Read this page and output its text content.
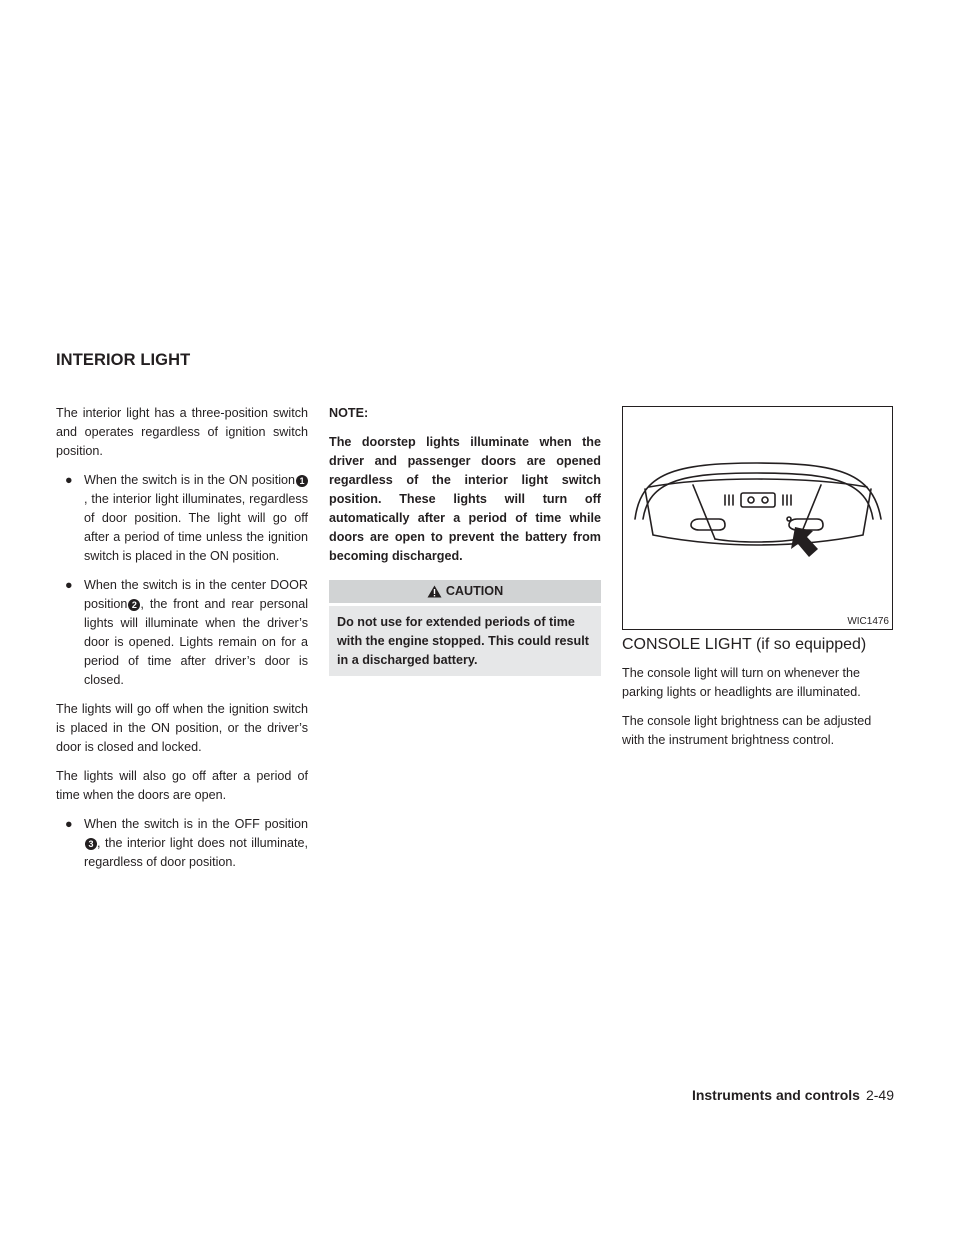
INTERIOR LIGHT

The interior light has a three-position switch and operates regardless of ignition switch position.

● When the switch is in the ON position 1, the interior light illuminates, regardless of door position. The light will go off after a period of time unless the ignition switch is placed in the ON position.

● When the switch is in the center DOOR position 2 , the front and rear personal lights will illuminate when the driver’s door is opened. Lights remain on for a period of time after driver’s door is closed.

The lights will go off when the ignition switch is placed in the ON position, or the driver’s door is closed and locked.

The lights will also go off after a period of time when the doors are open.

● When the switch is in the OFF position3 , the interior light does not illuminate, regardless of door position.

NOTE:

The doorstep lights illuminate when the driver and passenger doors are opened regardless of the interior light switch position. These lights will turn off automatically after a period of time while doors are open to prevent the battery from becoming discharged.

CAUTION
Do not use for extended periods of time with the engine stopped. This could result in a discharged battery.
WIC1476
CONSOLE LIGHT (if so equipped)

The console light will turn on whenever the parking lights or headlights are illuminated.

The console light brightness can be adjusted with the instrument brightness control.

Instruments and controls 2-49
